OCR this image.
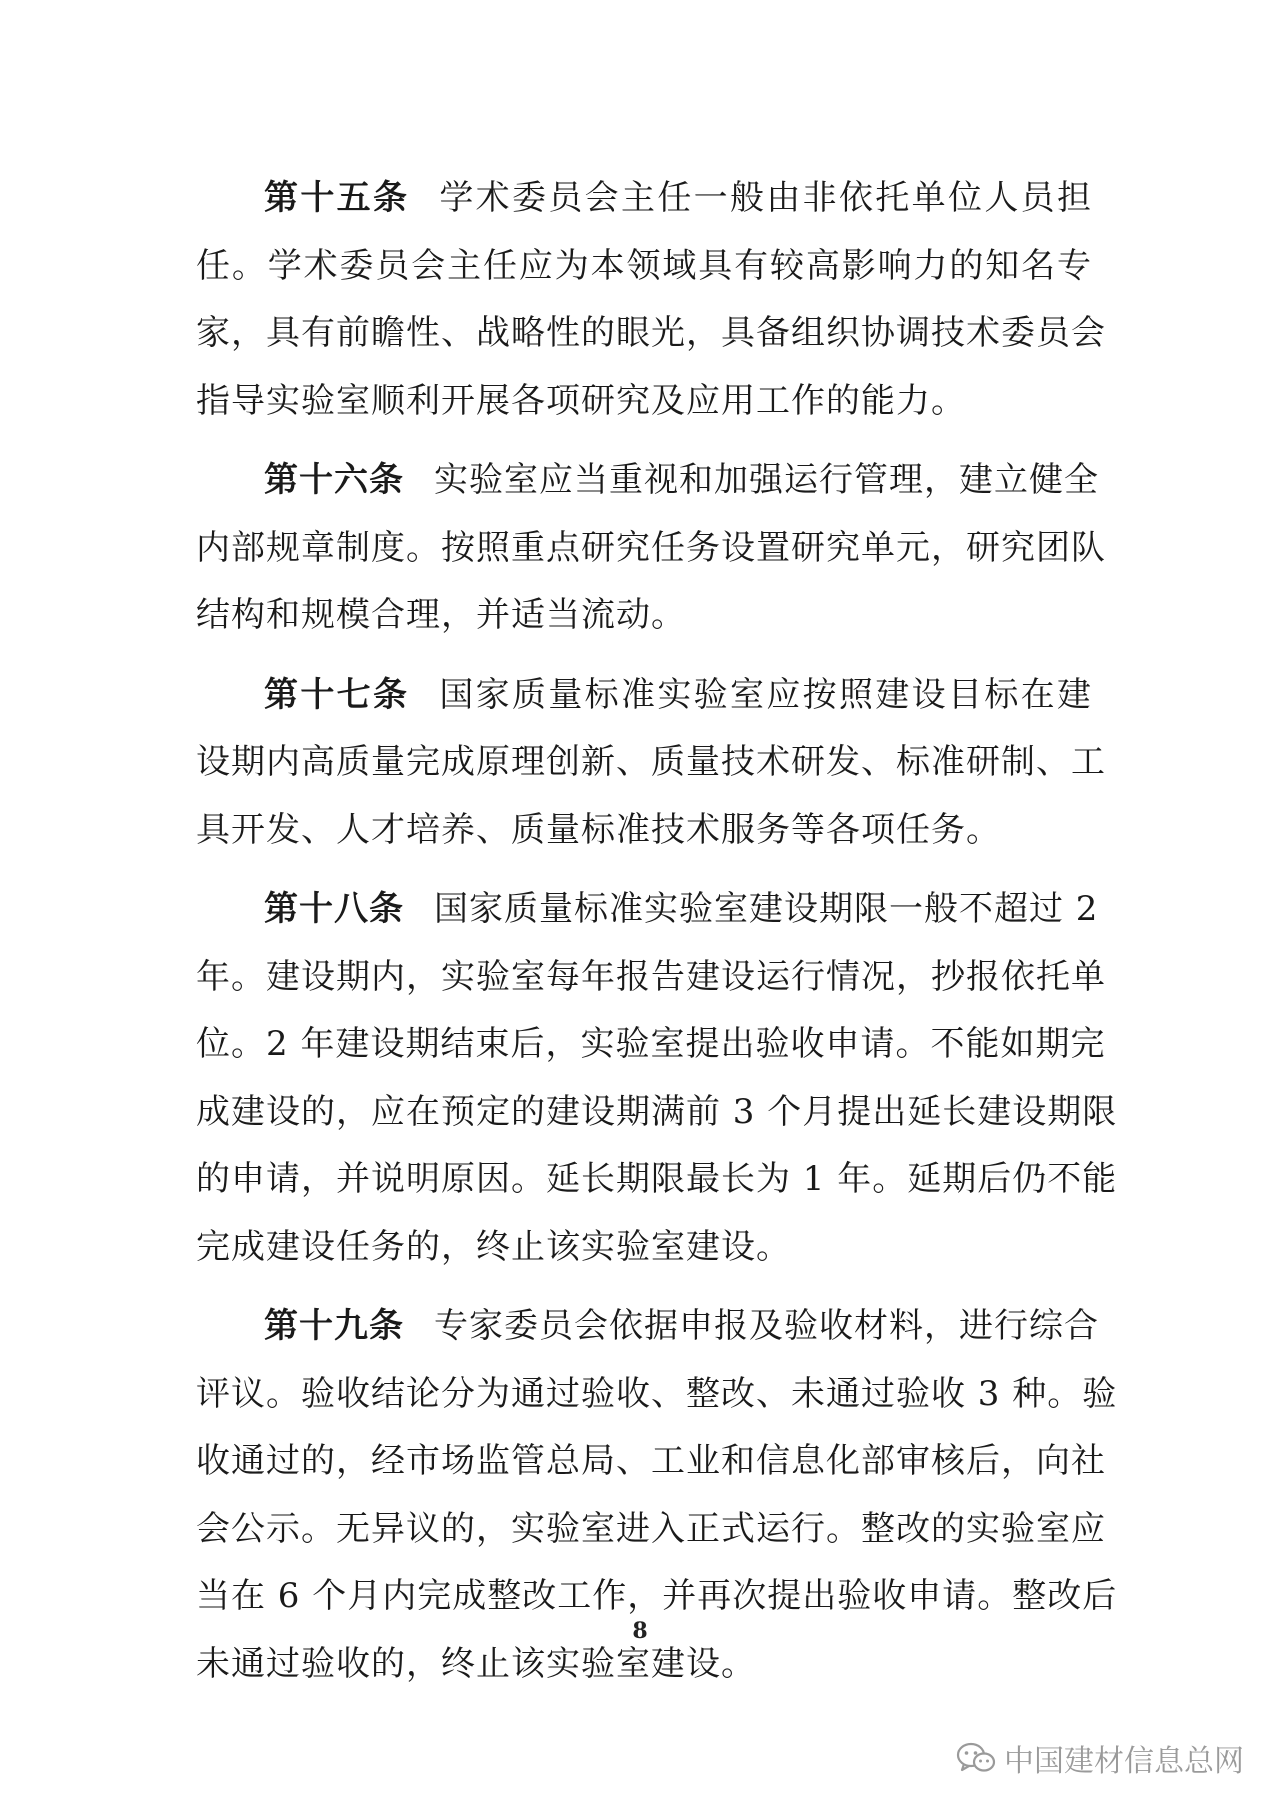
第十五条 学术委员会主任一般由非依托单位人员担
任。学术委员会主任应为本领域具有较高影响力的知名专
家，具有前瞻性、战略性的眼光，具备组织协调技术委员会
指导实验室顺利开展各项研究及应用工作的能力。
第十六条 实验室应当重视和加强运行管理，建立健全
内部规章制度。按照重点研究任务设置研究单元，研究团队
结构和规模合理，并适当流动。
第十七条 国家质量标准实验室应按照建设目标在建
设期内高质量完成原理创新、质量技术研发、标准研制、工
具开发、人才培养、质量标准技术服务等各项任务。
第十八条 国家质量标准实验室建设期限一般不超过 2
年。建设期内，实验室每年报告建设运行情况，抄报依托单
位。2 年建设期结束后，实验室提出验收申请。不能如期完
成建设的，应在预定的建设期满前 3 个月提出延长建设期限
的申请，并说明原因。延长期限最长为 1 年。延期后仍不能
完成建设任务的，终止该实验室建设。
第十九条 专家委员会依据申报及验收材料，进行综合
评议。验收结论分为通过验收、整改、未通过验收 3 种。验
收通过的，经市场监管总局、工业和信息化部审核后，向社
会公示。无异议的，实验室进入正式运行。整改的实验室应
当在 6 个月内完成整改工作，并再次提出验收申请。整改后
未通过验收的，终止该实验室建设。
8
中国建材信息总网
